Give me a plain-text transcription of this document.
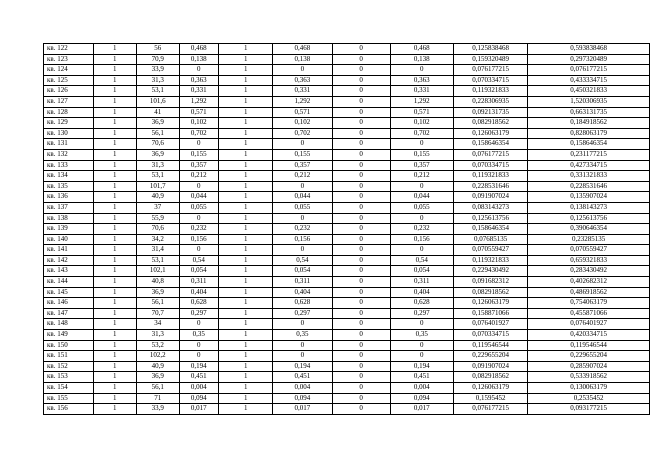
кв. 122	1	56	0,468	1	0,468	0	0,468	0,125838468	0,593838468
кв. 123	1	70,9	0,138	1	0,138	0	0,138	0,159320489	0,297320489
кв. 124	1	33,9	0	1	0	0	0	0,076177215	0,076177215
кв. 125	1	31,3	0,363	1	0,363	0	0,363	0,070334715	0,433334715
кв. 126	1	53,1	0,331	1	0,331	0	0,331	0,119321833	0,450321833
кв. 127	1	101,6	1,292	1	1,292	0	1,292	0,228306935	1,520306935
кв. 128	1	41	0,571	1	0,571	0	0,571	0,092131735	0,663131735
кв. 129	1	36,9	0,102	1	0,102	0	0,102	0,082918562	0,184918562
кв. 130	1	56,1	0,702	1	0,702	0	0,702	0,126063179	0,828063179
кв. 131	1	70,6	0	1	0	0	0	0,158646354	0,158646354
кв. 132	1	36,9	0,155	1	0,155	0	0,155	0,076177215	0,231177215
кв. 133	1	31,3	0,357	1	0,357	0	0,357	0,070334715	0,427334715
кв. 134	1	53,1	0,212	1	0,212	0	0,212	0,119321833	0,331321833
кв. 135	1	101,7	0	1	0	0	0	0,228531646	0,228531646
кв. 136	1	40,9	0,044	1	0,044	0	0,044	0,091907024	0,135907024
кв. 137	1	37	0,055	1	0,055	0	0,055	0,083143273	0,138143273
кв. 138	1	55,9	0	1	0	0	0	0,125613756	0,125613756
кв. 139	1	70,6	0,232	1	0,232	0	0,232	0,158646354	0,390646354
кв. 140	1	34,2	0,156	1	0,156	0	0,156	0,07685135	0,23285135
кв. 141	1	31,4	0	1	0	0	0	0,070559427	0,070559427
кв. 142	1	53,1	0,54	1	0,54	0	0,54	0,119321833	0,659321833
кв. 143	1	102,1	0,054	1	0,054	0	0,054	0,229430492	0,283430492
кв. 144	1	40,8	0,311	1	0,311	0	0,311	0,091682312	0,402682312
кв. 145	1	36,9	0,404	1	0,404	0	0,404	0,082918562	0,486918562
кв. 146	1	56,1	0,628	1	0,628	0	0,628	0,126063179	0,754063179
кв. 147	1	70,7	0,297	1	0,297	0	0,297	0,158871066	0,455871066
кв. 148	1	34	0	1	0	0	0	0,076401927	0,076401927
кв. 149	1	31,3	0,35	1	0,35	0	0,35	0,070334715	0,420334715
кв. 150	1	53,2	0	1	0	0	0	0,119546544	0,119546544
кв. 151	1	102,2	0	1	0	0	0	0,229655204	0,229655204
кв. 152	1	40,9	0,194	1	0,194	0	0,194	0,091907024	0,285907024
кв. 153	1	36,9	0,451	1	0,451	0	0,451	0,082918562	0,533918562
кв. 154	1	56,1	0,004	1	0,004	0	0,004	0,126063179	0,130063179
кв. 155	1	71	0,094	1	0,094	0	0,094	0,1595452	0,2535452
кв. 156	1	33,9	0,017	1	0,017	0	0,017	0,076177215	0,093177215
